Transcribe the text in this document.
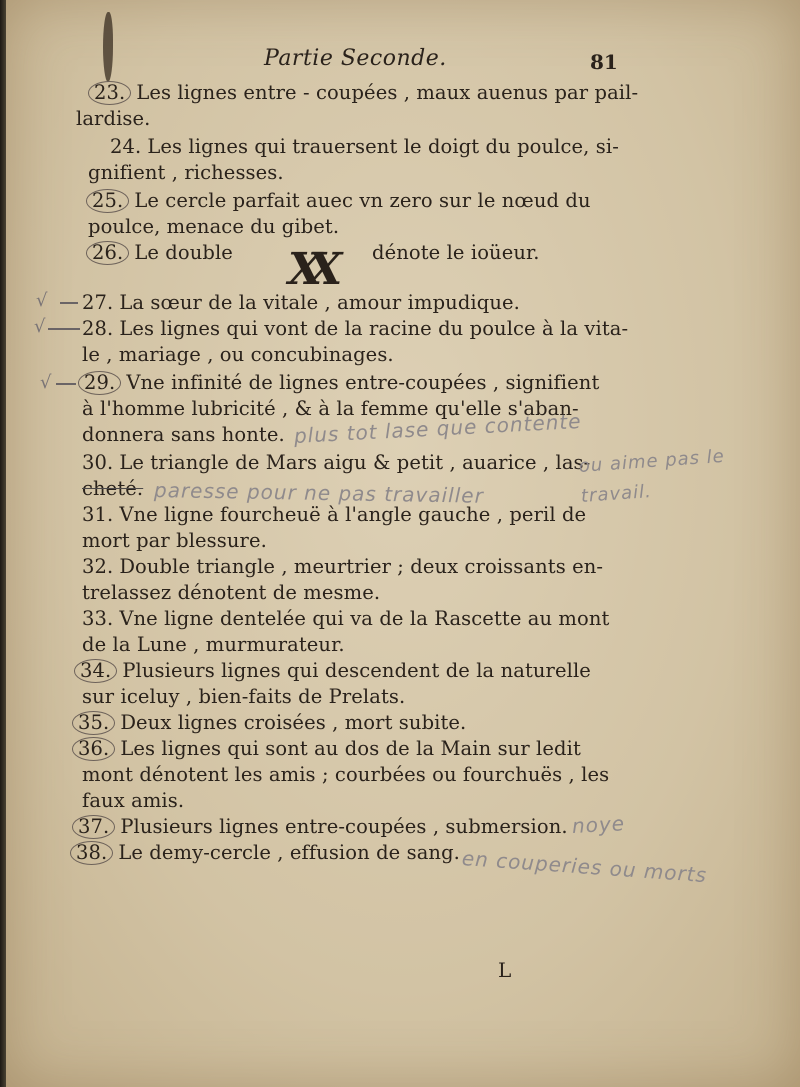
Partie Seconde.	81
23. Les lignes entre - coupées , maux auenus par pail-
lardise.
24. Les lignes qui trauersent le doigt du poulce, si-
gnifient , richesses.
25. Le cercle parfait auec vn zero sur le nœud du
poulce, menace du gibet.
26. Le double XX dénote le ioüeur.
√ 27. La sœur de la vitale , amour impudique.
√ 28. Les lignes qui vont de la racine du poulce à la vita-
le , mariage , ou concubinages.
√	29. Vne infinité de lignes entre-coupées , signifient
à l'homme lubricité , & à la femme qu'elle s'aban-
donnera sans honte. plus tot lase que contente
30. Le triangle de Mars aigu & petit , auarice , las-
cheté. paresse pour ne pas travailler
ou aime pas le travail.
31. Vne ligne fourcheuë à l'angle gauche , peril de
mort par blessure.
32. Double triangle , meurtrier ; deux croissants en-
trelassez dénotent de mesme.
33. Vne ligne dentelée qui va de la Rascette au mont
de la Lune , murmurateur.
34. Plusieurs lignes qui descendent de la naturelle
sur iceluy , bien-faits de Prelats.
35. Deux lignes croisées , mort subite.
36. Les lignes qui sont au dos de la Main sur ledit
mont dénotent les amis ; courbées ou fourchuës , les
faux amis.
37. Plusieurs lignes entre-coupées , submersion. noye
38. Le demy-cercle , effusion de sang. en couperies ou morts
L
